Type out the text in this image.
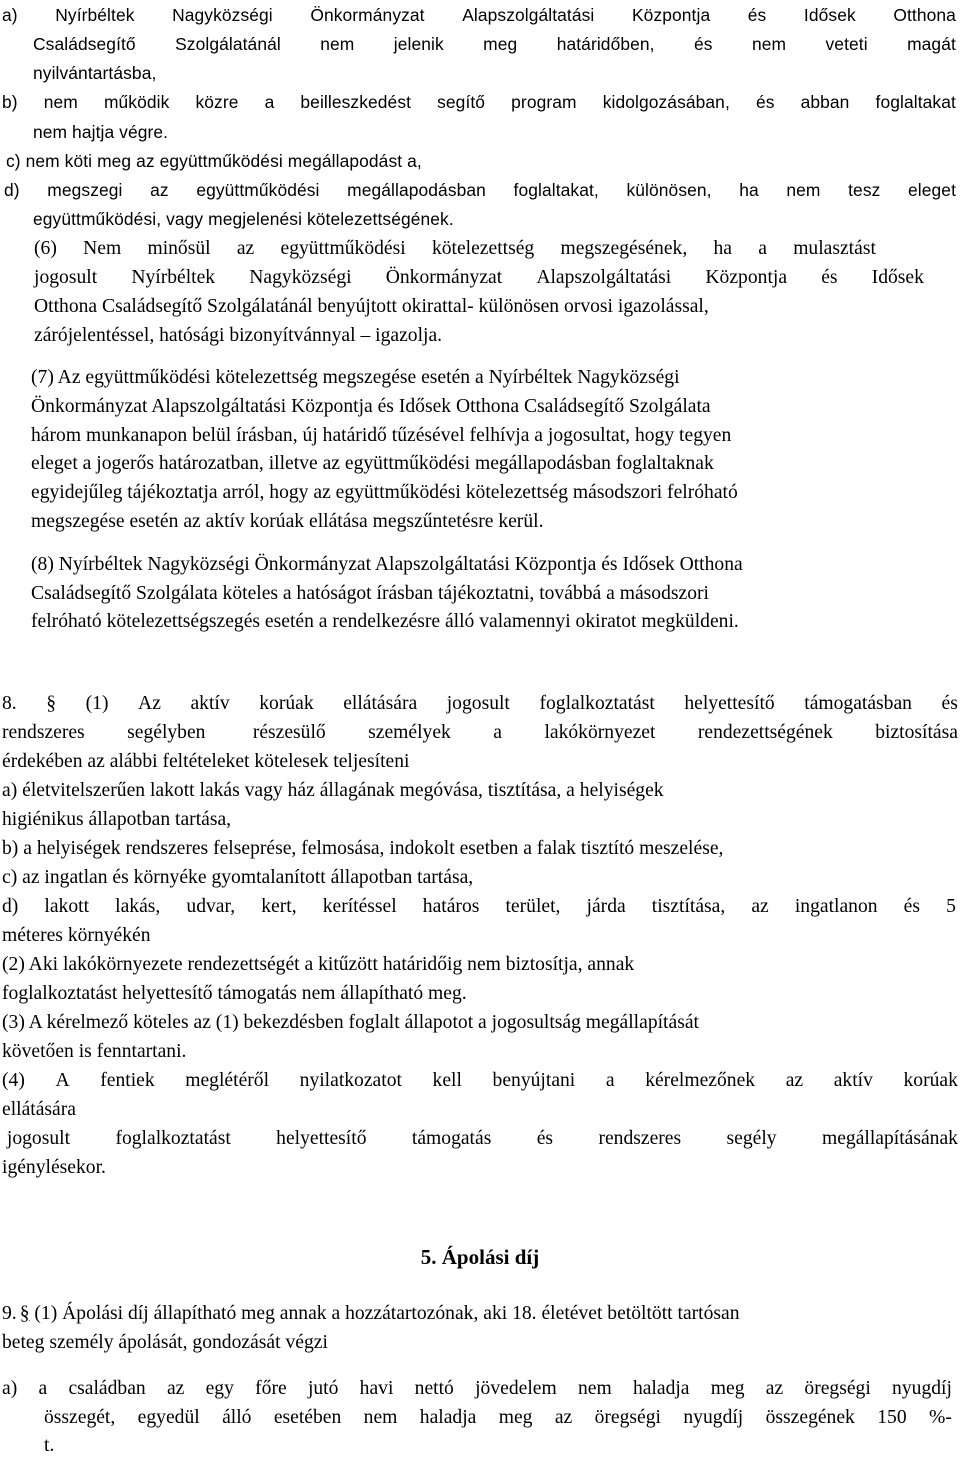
a) Nyírbéltek Nagyközségi Önkormányzat Alapszolgáltatási Központja és Idősek Otthona
Családsegítő Szolgálatánál nem jelenik meg határidőben, és nem veteti magát
nyilvántartásba,
b) nem működik közre a beilleszkedést segítő program kidolgozásában, és abban foglaltakat
nem hajtja végre.
c) nem köti meg az együttműködési megállapodást a,
d) megszegi az együttműködési megállapodásban foglaltakat, különösen, ha nem tesz eleget
együttműködési, vagy megjelenési kötelezettségének.
(6) Nem minősül az együttműködési kötelezettség megszegésének, ha a mulasztást
jogosult Nyírbéltek Nagyközségi Önkormányzat Alapszolgáltatási Központja és Idősek
Otthona Családsegítő Szolgálatánál benyújtott okirattal- különösen orvosi igazolással,
zárójelentéssel, hatósági bizonyítvánnyal – igazolja.
(7) Az együttműködési kötelezettség megszegése esetén a Nyírbéltek Nagyközségi
Önkormányzat Alapszolgáltatási Központja és Idősek Otthona Családsegítő Szolgálata
három munkanapon belül írásban, új határidő tűzésével felhívja a jogosultat, hogy tegyen
eleget a jogerős határozatban, illetve az együttműködési megállapodásban foglaltaknak
egyidejűleg tájékoztatja arról, hogy az együttműködési kötelezettség másodszori felróható
megszegése esetén az aktív korúak ellátása megszűntetésre kerül.
(8) Nyírbéltek Nagyközségi Önkormányzat Alapszolgáltatási Központja és Idősek Otthona
Családsegítő Szolgálata köteles a hatóságot írásban tájékoztatni, továbbá a másodszori
felróható kötelezettségszegés esetén a rendelkezésre álló valamennyi okiratot megküldeni.
8. § (1) Az aktív korúak ellátására jogosult foglalkoztatást helyettesítő támogatásban és
rendszeres segélyben részesülő személyek a lakókörnyezet rendezettségének biztosítása
érdekében az alábbi feltételeket kötelesek teljesíteni
a) életvitelszerűen lakott lakás vagy ház állagának megóvása, tisztítása, a helyiségek
higiénikus állapotban tartása,
b) a helyiségek rendszeres felseprése, felmosása, indokolt esetben a falak tisztító meszelése,
c) az ingatlan és környéke gyomtalanított állapotban tartása,
d) lakott lakás, udvar, kert, kerítéssel határos terület, járda tisztítása, az ingatlanon és 5
méteres környékén
(2) Aki lakókörnyezete rendezettségét a kitűzött határidőig nem biztosítja, annak
foglalkoztatást helyettesítő támogatás nem állapítható meg.
(3) A kérelmező köteles az (1) bekezdésben foglalt állapotot a jogosultság megállapítását
követően is fenntartani.
(4) A fentiek meglétéről nyilatkozatot kell benyújtani a kérelmezőnek az aktív korúak
ellátására
jogosult foglalkoztatást helyettesítő támogatás és rendszeres segély megállapításának
igénylésekor.
5. Ápolási díj
9. § (1) Ápolási díj állapítható meg annak a hozzátartozónak, aki 18. életévet betöltött tartósan
beteg személy ápolását, gondozását végzi
a) a családban az egy főre jutó havi nettó jövedelem nem haladja meg az öregségi nyugdíj
összegét, egyedül álló esetében nem haladja meg az öregségi nyugdíj összegének 150 %-
t.
